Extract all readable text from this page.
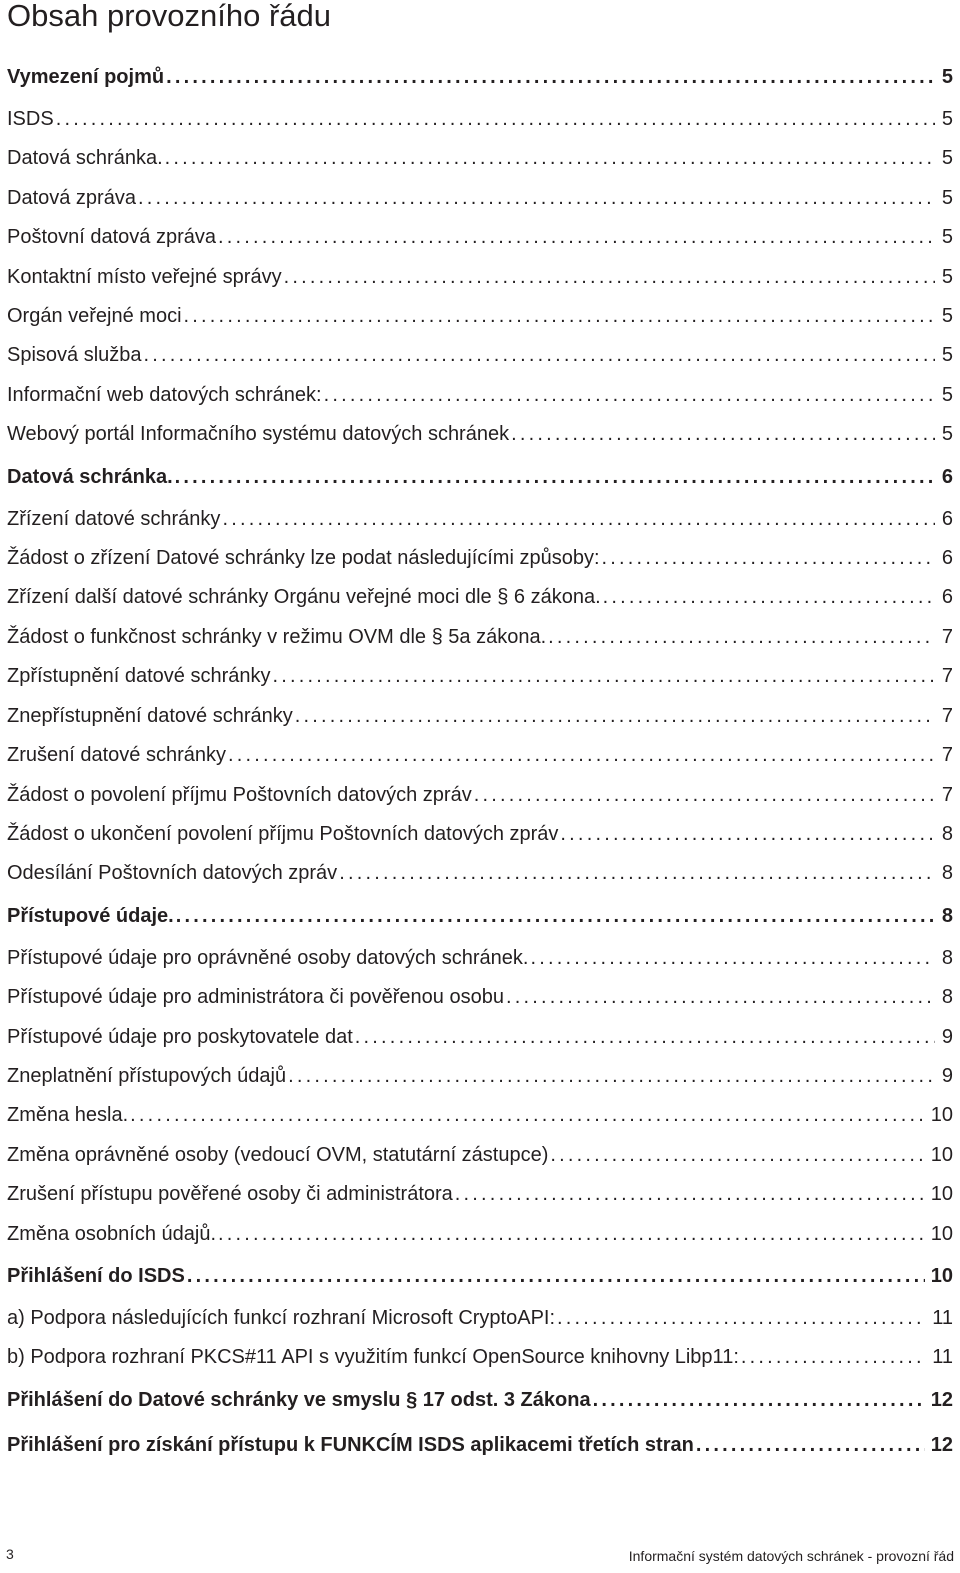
Obsah provozního řádu
Vymezení pojmů .....	5
ISDS .....	5
Datová schránka. .....	5
Datová zpráva .....	5
Poštovní datová zpráva .....	5
Kontaktní místo veřejné správy .....	5
Orgán veřejné moci .....	5
Spisová služba .....	5
Informační web datových schránek: .....	5
Webový portál Informačního systému datových schránek .....	5
Datová schránka. .....	6
Zřízení datové schránky .....	6
Žádost o zřízení Datové schránky lze podat následujícími způsoby: .....	6
Zřízení další datové schránky Orgánu veřejné moci dle § 6 zákona. .....	6
Žádost o funkčnost schránky v režimu OVM dle § 5a zákona. .....	7
Zpřístupnění datové schránky .....	7
Znepřístupnění datové schránky .....	7
Zrušení datové schránky .....	7
Žádost o povolení příjmu Poštovních datových zpráv .....	7
Žádost o ukončení povolení příjmu Poštovních datových zpráv .....	8
Odesílání Poštovních datových zpráv .....	8
Přístupové údaje. .....	8
Přístupové údaje pro oprávněné osoby datových schránek. .....	8
Přístupové údaje pro administrátora či pověřenou osobu .....	8
Přístupové údaje pro poskytovatele dat .....	9
Zneplatnění přístupových údajů .....	9
Změna hesla. .....	10
Změna oprávněné osoby (vedoucí OVM, statutární zástupce) .....	10
Zrušení přístupu pověřené osoby či administrátora .....	10
Změna osobních údajů. .....	10
Přihlášení do ISDS .....	10
a) Podpora následujících funkcí rozhraní Microsoft CryptoAPI: .....	11
b) Podpora rozhraní PKCS#11 API s využitím funkcí OpenSource knihovny Libp11: .....	11
Přihlášení do Datové schránky ve smyslu § 17 odst. 3 Zákona .....	12
Přihlášení pro získání přístupu k FUNKCÍM ISDS aplikacemi třetích stran .....	12
3	Informační systém datových schránek - provozní řád
